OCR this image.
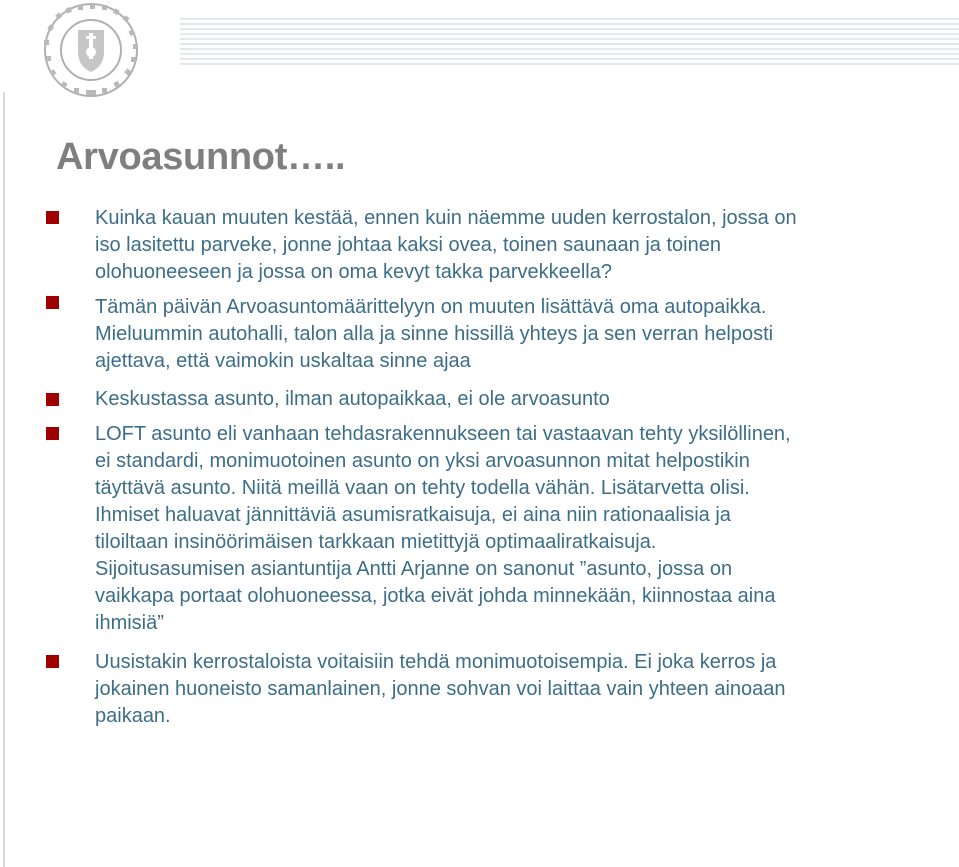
Arvoasunnot…..

Kuinka kauan muuten kestää, ennen kuin näemme uuden kerrostalon, jossa on
iso lasitettu parveke, jonne johtaa kaksi ovea, toinen saunaan ja toinen
olohuoneeseen ja jossa on oma kevyt takka parvekkeella?

Tämän päivän Arvoasuntomäärittelyyn on muuten lisättävä oma autopaikka.
Mieluummin autohalli, talon alla ja sinne hissillä yhteys ja sen verran helposti
ajettava, että vaimokin uskaltaa sinne ajaa

Keskustassa asunto, ilman autopaikkaa, ei ole arvoasunto

LOFT asunto eli vanhaan tehdasrakennukseen tai vastaavan tehty yksilöllinen,
ei standardi, monimuotoinen asunto on yksi arvoasunnon mitat helpostikin
täyttävä asunto. Niitä meillä vaan on tehty todella vähän. Lisätarvetta olisi.
Ihmiset haluavat jännittäviä asumisratkaisuja, ei aina niin rationaalisia ja
tiloiltaan insinöörimäisen tarkkaan mietittyjä optimaaliratkaisuja.
Sijoitusasumisen asiantuntija Antti Arjanne on sanonut ”asunto, jossa on
vaikkapa portaat olohuoneessa, jotka eivät johda minnekään, kiinnostaa aina
ihmisiä”

Uusistakin kerrostaloista voitaisiin tehdä monimuotoisempia. Ei joka kerros ja
jokainen huoneisto samanlainen, jonne sohvan voi laittaa vain yhteen ainoaan
paikaan.
